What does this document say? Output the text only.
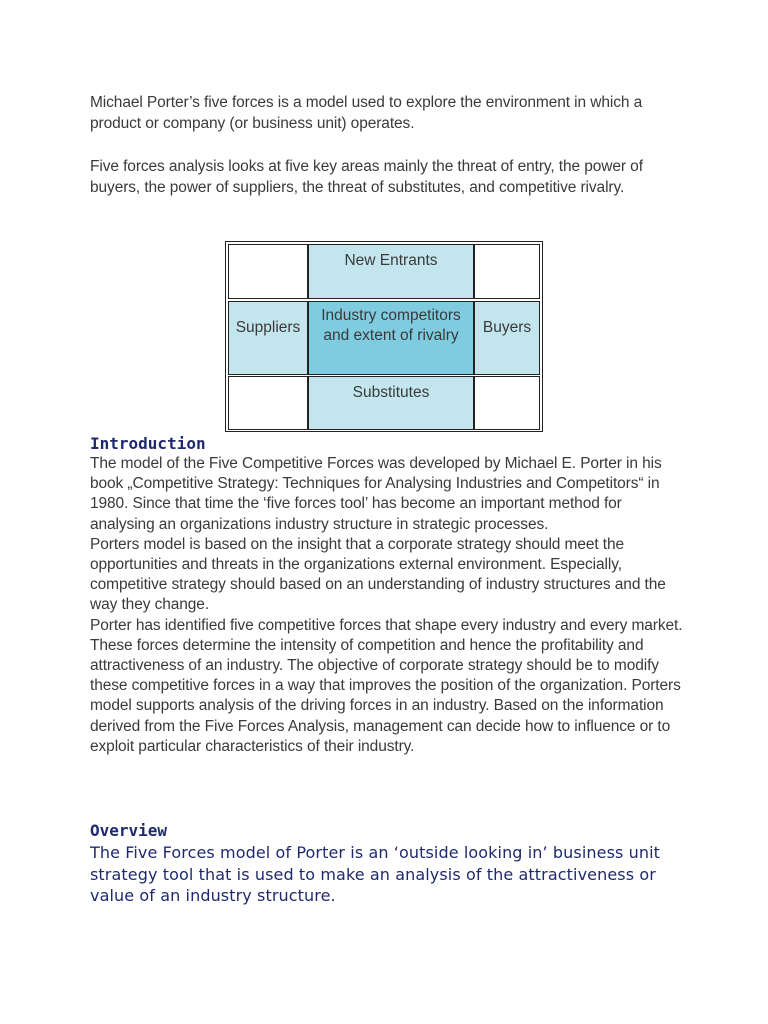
Michael Porter’s five forces is a model used to explore the environment in which a product or company (or business unit) operates.

Five forces analysis looks at five key areas mainly the threat of entry, the power of buyers, the power of suppliers, the threat of substitutes, and competitive rivalry.

New Entrants
Suppliers
Industry competitors
and extent of rivalry	Buyers
Substitutes
Introduction

The model of the Five Competitive Forces was developed by Michael E. Porter in his book „Competitive Strategy: Techniques for Analysing Industries and Competitors“ in 1980. Since that time the ‘five forces tool’ has become an important method for analysing an organizations industry structure in strategic processes.

Porters model is based on the insight that a corporate strategy should meet the opportunities and threats in the organizations external environment. Especially, competitive strategy should based on an understanding of industry structures and the way they change.

Porter has identified five competitive forces that shape every industry and every market. These forces determine the intensity of competition and hence the profitability and attractiveness of an industry. The objective of corporate strategy should be to modify these competitive forces in a way that improves the position of the organization. Porters model supports analysis of the driving forces in an industry. Based on the information derived from the Five Forces Analysis, management can decide how to influence or to exploit particular characteristics of their industry.

Overview

The Five Forces model of Porter is an ‘outside looking in’ business unit strategy tool that is used to make an analysis of the attractiveness or value of an industry structure.
